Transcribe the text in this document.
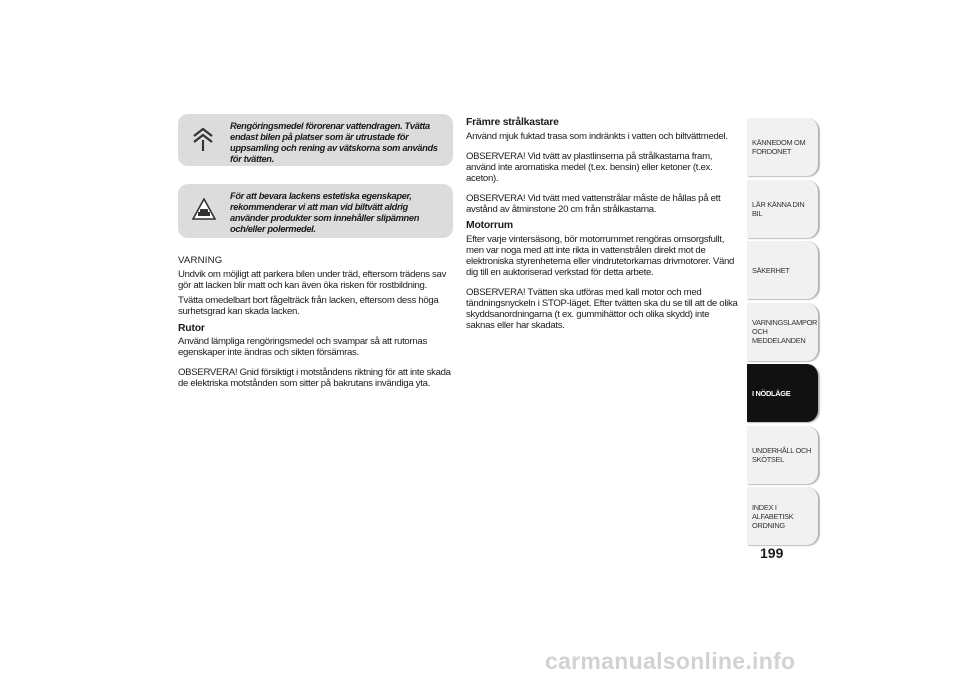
Rengöringsmedel förorenar vattendragen. Tvätta endast bilen på platser som är utrustade för uppsamling och rening av vätskorna som används för tvätten.
För att bevara lackens estetiska egenskaper, rekommenderar vi att man vid biltvätt aldrig använder produkter som innehåller slipämnen och/eller polermedel.

VARNING

Undvik om möjligt att parkera bilen under träd, eftersom trädens sav gör att lacken blir matt och kan även öka risken för rostbildning.

Tvätta omedelbart bort fågelträck från lacken, eftersom dess höga surhetsgrad kan skada lacken.

Rutor

Använd lämpliga rengöringsmedel och svampar så att rutornas egenskaper inte ändras och sikten försämras.

OBSERVERA! Gnid försiktigt i motståndens riktning för att inte skada de elektriska motstånden som sitter på bakrutans invändiga yta.

Främre strålkastare

Använd mjuk fuktad trasa som indränkts i vatten och biltvättmedel.

OBSERVERA! Vid tvätt av plastlinserna på strålkastarna fram, använd inte aromatiska medel (t.ex. bensin) eller ketoner (t.ex. aceton).

OBSERVERA! Vid tvätt med vattenstrålar måste de hållas på ett avstånd av åtminstone 20 cm från strålkastarna.

Motorrum

Efter varje vintersäsong, bör motorrummet rengöras omsorgsfullt, men var noga med att inte rikta in vattenstrålen direkt mot de elektroniska styrenheterna eller vindrutetorkarnas drivmotorer. Vänd dig till en auktoriserad verkstad för detta arbete.

OBSERVERA! Tvätten ska utföras med kall motor och med tändningsnyckeln i STOP-läget. Efter tvätten ska du se till att de olika skyddsanordningarna (t ex. gummihättor och olika skydd) inte saknas eller har skadats.

KÄNNEDOM OM FORDONET
LÄR KÄNNA DIN BIL
SÄKERHET
VARNINGSLAMPOR OCH MEDDELANDEN
I NÖDLÄGE
UNDERHÅLL OCH SKÖTSEL
INDEX I ALFABETISK ORDNING
199
carmanualsonline.info
